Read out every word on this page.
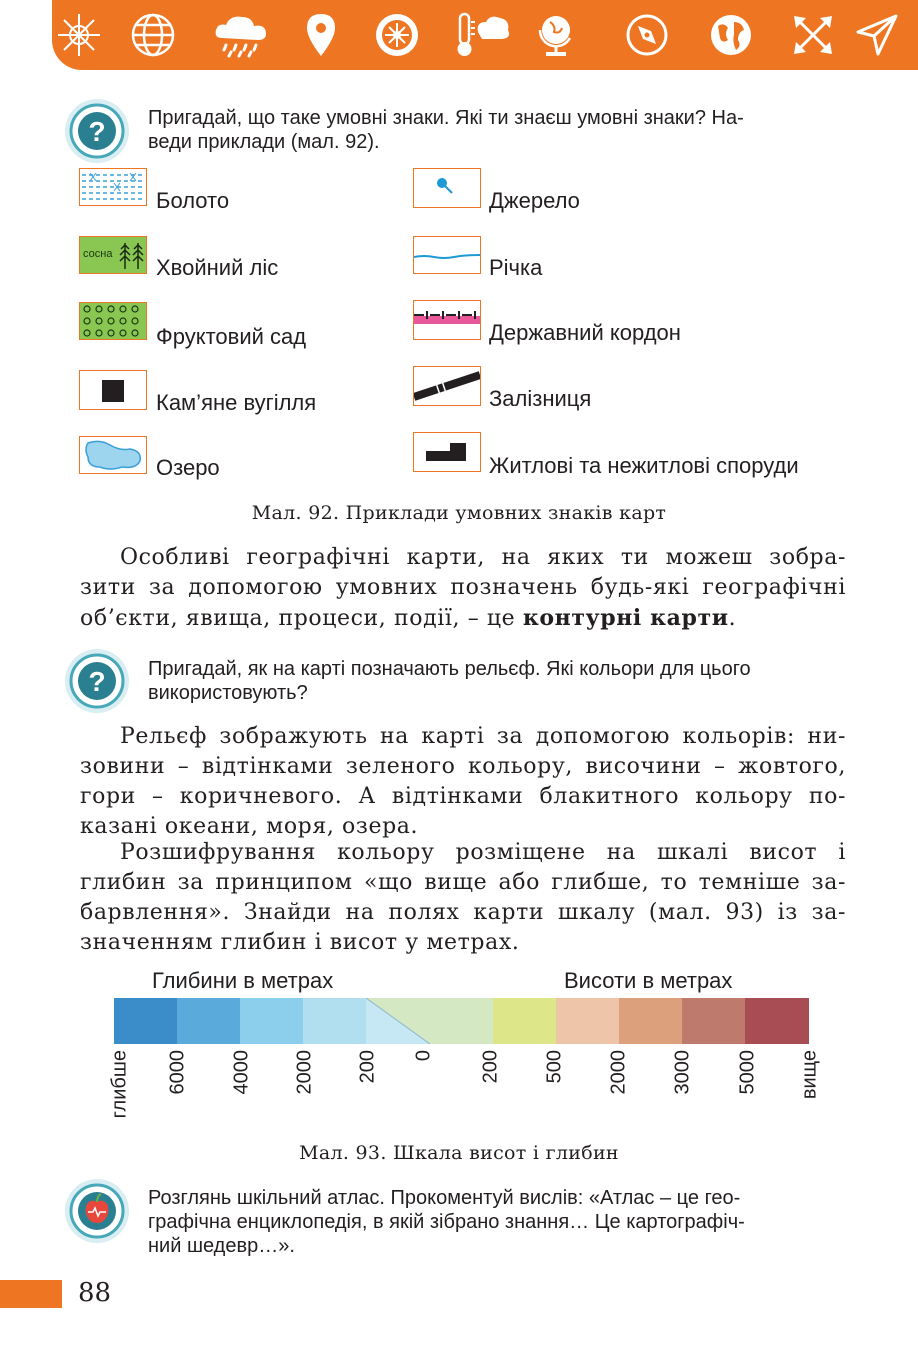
? Пригадай, що таке умовні знаки. Які ти знаєш умовні знаки? На-
веди приклади (мал. 92).
Болото
сосна
Хвойний ліс
Фруктовий сад
Кам’яне вугілля
Озеро
Джерело
Річка
Державний кордон
Залізниця
Житлові та нежитлові споруди
Мал. 92. Приклади умовних знаків карт
Особливі географічні карти, на яких ти можеш зобра-
зити за допомогою умовних позначень будь-які географічні
об’єкти, явища, процеси, події, – це контурні карти.
? Пригадай, як на карті позначають рельєф. Які кольори для цього
використовують?
Рельєф зображують на карті за допомогою кольорів: ни-
зовини – відтінками зеленого кольору, височини – жовтого,
гори – коричневого. А відтінками блакитного кольору по-
казані океани, моря, озера.
Розшифрування кольору розміщене на шкалі висот і
глибин за принципом «що вище або глибше, то темніше за-
барвлення». Знайди на полях карти шкалу (мал. 93) із за-
значенням глибин і висот у метрах.
Глибини в метрах	Висоти в метрах
глибше 6000 4000 2000 200 0 200 500 2000 3000 5000 вище
Мал. 93. Шкала висот і глибин
Розглянь шкільний атлас. Прокоментуй вислів: «Атлас – це гео-
графічна енциклопедія, в якій зібрано знання… Це картографіч-
ний шедевр…».
88
